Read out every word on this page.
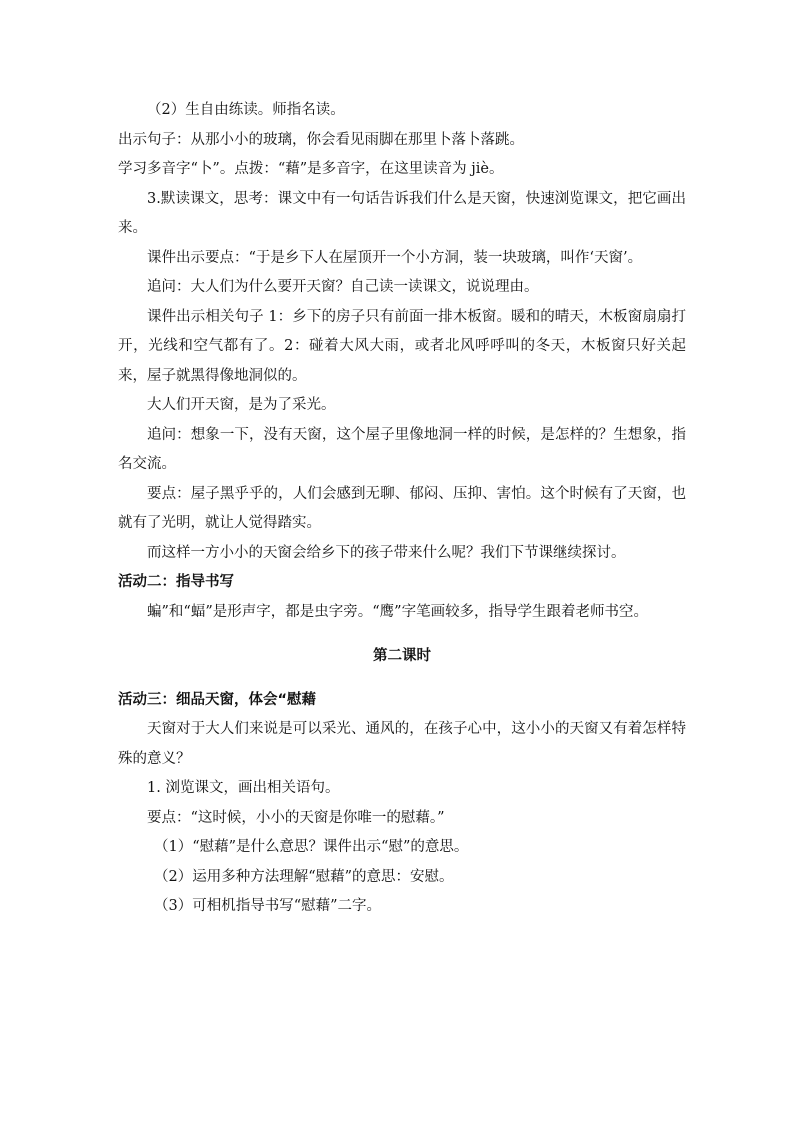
（2）生自由练读。师指名读。

出示句子：从那小小的玻璃，你会看见雨脚在那里卜落卜落跳。

学习多音字“卜”。点拨：“藉”是多音字，在这里读音为 jiè。

3.默读课文，思考：课文中有一句话告诉我们什么是天窗，快速浏览课文，把它画出来。

课件出示要点：“于是乡下人在屋顶开一个小方洞，装一块玻璃，叫作‘天窗’。

追问：大人们为什么要开天窗？自己读一读课文，说说理由。

课件出示相关句子 1：乡下的房子只有前面一排木板窗。暖和的晴天，木板窗扇扇打开，光线和空气都有了。2：碰着大风大雨，或者北风呼呼叫的冬天，木板窗只好关起来，屋子就黑得像地洞似的。

大人们开天窗，是为了采光。

追问：想象一下，没有天窗，这个屋子里像地洞一样的时候，是怎样的？生想象，指名交流。

要点：屋子黑乎乎的，人们会感到无聊、郁闷、压抑、害怕。这个时候有了天窗，也就有了光明，就让人觉得踏实。

而这样一方小小的天窗会给乡下的孩子带来什么呢？我们下节课继续探讨。

活动二：指导书写

蝙”和“蝠”是形声字，都是虫字旁。“鹰”字笔画较多，指导学生跟着老师书空。

第二课时

活动三：细品天窗，体会“慰藉

天窗对于大人们来说是可以采光、通风的，在孩子心中，这小小的天窗又有着怎样特殊的意义？

1. 浏览课文，画出相关语句。

要点：“这时候，小小的天窗是你唯一的慰藉。”

（1）“慰藉”是什么意思？课件出示“慰”的意思。

（2）运用多种方法理解“慰藉”的意思：安慰。

（3）可相机指导书写“慰藉”二字。
